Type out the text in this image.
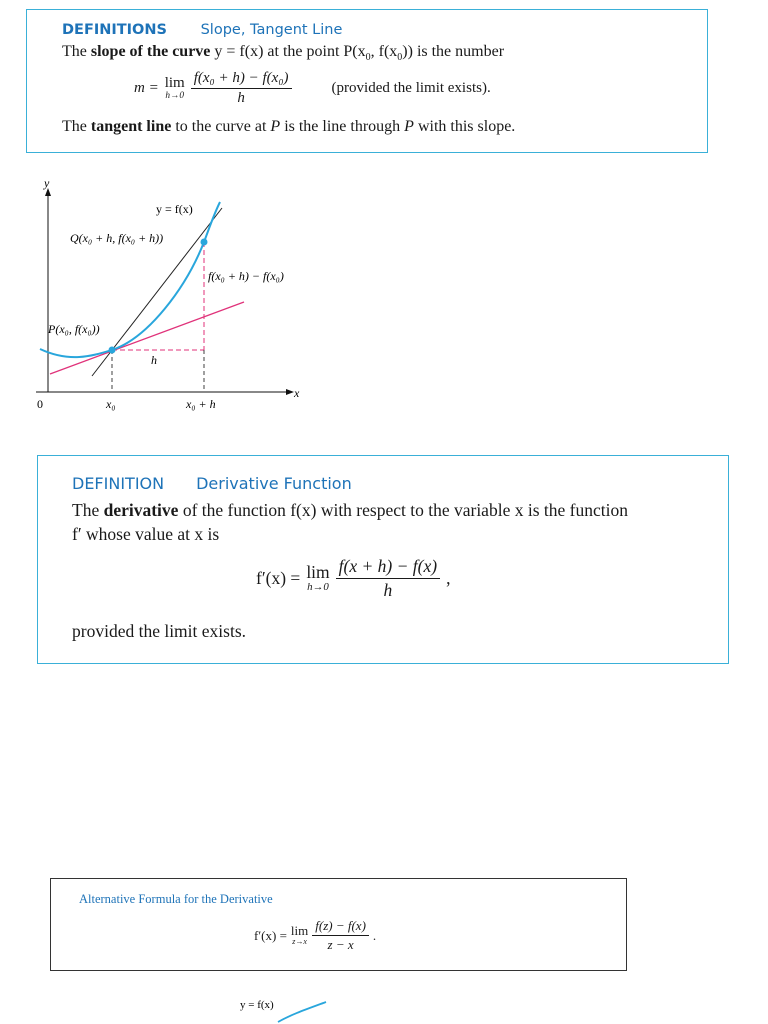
DEFINITIONS Slope, Tangent Line
The slope of the curve y = f(x) at the point $P(x_0$, $f(x_0)$) is the number
m = lim
$h\to 0 \frac{\text{f(x₀ + h) − f(x₀)}}{h}$	(provided the limit exists).
The tangent line to the curve at P is the line through P with this slope.
y
x
0
y = f(x)
Q(x₀ + h, f(x₀ + h))
f(x₀ + h) − f(x₀)
P(x₀, f(x₀))
h
x₀	x₀ + h
DEFINITION Derivative Function
The derivative of the function f(x) with respect to the variable x is the function
f′ whose value at x is
f′(x) = lim
$h\to 0 \frac{f(x + h) - f(x)}{h}$ ,
provided the limit exists.
Alternative Formula for the Derivative
f′(x) = lim
$z\to x \frac{f(z) - f(x)}{z - x}$ .
y = f(x)
